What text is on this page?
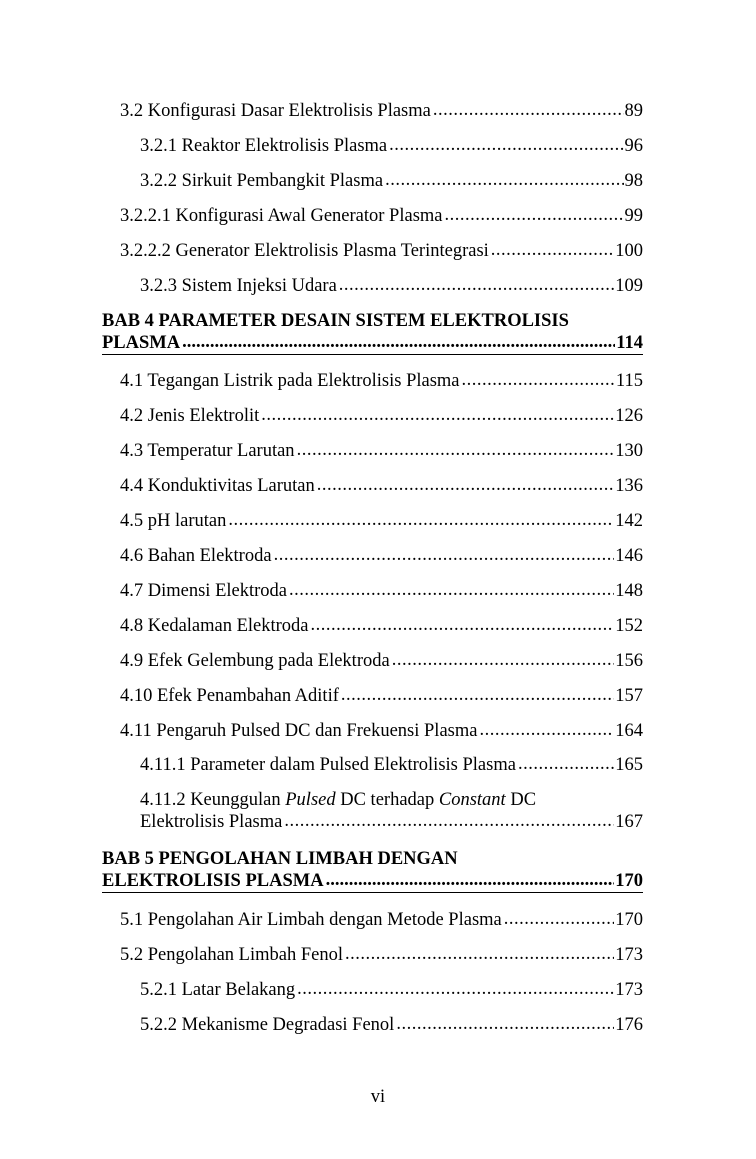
3.2 Konfigurasi Dasar Elektrolisis Plasma .....	89
3.2.1 Reaktor Elektrolisis Plasma .....	96
3.2.2 Sirkuit Pembangkit Plasma .....	98
3.2.2.1 Konfigurasi Awal Generator Plasma .....	99
3.2.2.2 Generator Elektrolisis Plasma Terintegrasi .....	100
3.2.3 Sistem Injeksi Udara .....	109
BAB 4 PARAMETER DESAIN SISTEM ELEKTROLISIS
PLASMA .....	114
4.1 Tegangan Listrik pada Elektrolisis Plasma .....	115
4.2 Jenis Elektrolit .....	126
4.3 Temperatur Larutan .....	130
4.4 Konduktivitas Larutan .....	136
4.5 pH larutan .....	142
4.6 Bahan Elektroda .....	146
4.7 Dimensi Elektroda .....	148
4.8 Kedalaman Elektroda .....	152
4.9 Efek Gelembung pada Elektroda .....	156
4.10 Efek Penambahan Aditif .....	157
4.11 Pengaruh Pulsed DC dan Frekuensi Plasma .....	164
4.11.1 Parameter dalam Pulsed Elektrolisis Plasma .....	165
4.11.2 Keunggulan Pulsed DC terhadap Constant DC
Elektrolisis Plasma .....	167
BAB 5 PENGOLAHAN LIMBAH DENGAN
ELEKTROLISIS PLASMA .....	170
5.1 Pengolahan Air Limbah dengan Metode Plasma .....	170
5.2 Pengolahan Limbah Fenol .....	173
5.2.1 Latar Belakang .....	173
5.2.2 Mekanisme Degradasi Fenol .....	176
vi
